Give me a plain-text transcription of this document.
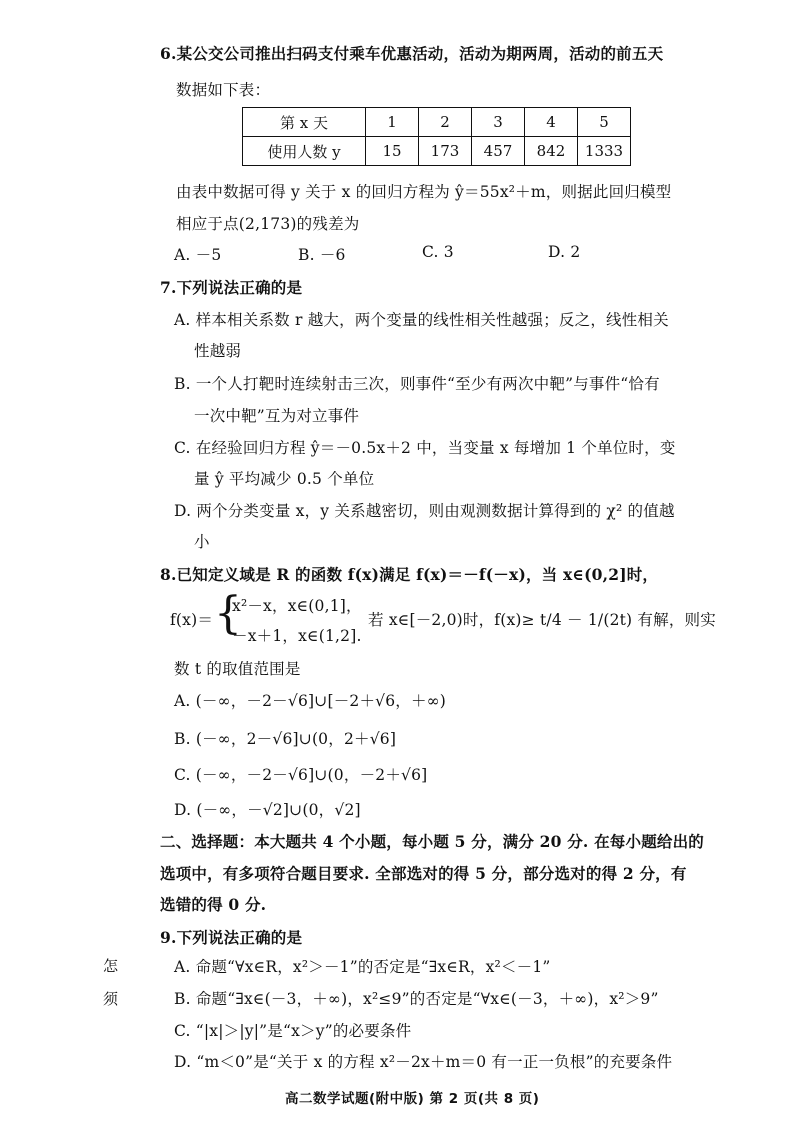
6.某公交公司推出扫码支付乘车优惠活动，活动为期两周，活动的前五天
数据如下表：
第 x 天	1	2	3	4	5
使用人数 y	15	173	457	842	1333
由表中数据可得 y 关于 x 的回归方程为 ŷ＝55x²＋m，则据此回归模型
相应于点(2,173)的残差为
A. －5	B. －6	C. 3	D. 2
7.下列说法正确的是
A. 样本相关系数 r 越大，两个变量的线性相关性越强；反之，线性相关
性越弱
B. 一个人打靶时连续射击三次，则事件“至少有两次中靶”与事件“恰有
一次中靶”互为对立事件
C. 在经验回归方程 ŷ＝－0.5x＋2 中，当变量 x 每增加 1 个单位时，变
量 ŷ 平均减少 0.5 个单位
D. 两个分类变量 x，y 关系越密切，则由观测数据计算得到的 χ² 的值越
小
8.已知定义域是 R 的函数 f(x)满足 f(x)＝－f(－x)，当 x∈(0,2]时，
f(x)＝ {
x²－x，x∈(0,1]，
－x＋1，x∈(1,2].
若 x∈[－2,0)时，f(x)≥ t/4 － 1/(2t) 有解，则实
数 t 的取值范围是
A. (－∞，－2－√6]∪[－2＋√6，＋∞)
B. (－∞，2－√6]∪(0，2＋√6]
C. (－∞，－2－√6]∪(0，－2＋√6]
D. (－∞，－√2]∪(0，√2]
二、选择题：本大题共 4 个小题，每小题 5 分，满分 20 分. 在每小题给出的
选项中，有多项符合题目要求. 全部选对的得 5 分，部分选对的得 2 分，有
选错的得 0 分.
9.下列说法正确的是
A. 命题“∀x∈R，x²＞－1”的否定是“∃x∈R，x²＜－1”
B. 命题“∃x∈(－3，＋∞)，x²≤9”的否定是“∀x∈(－3，＋∞)，x²＞9”
C. “|x|＞|y|”是“x＞y”的必要条件
D. “m＜0”是“关于 x 的方程 x²－2x＋m＝0 有一正一负根”的充要条件
怎
须
高二数学试题(附中版) 第 2 页(共 8 页)
